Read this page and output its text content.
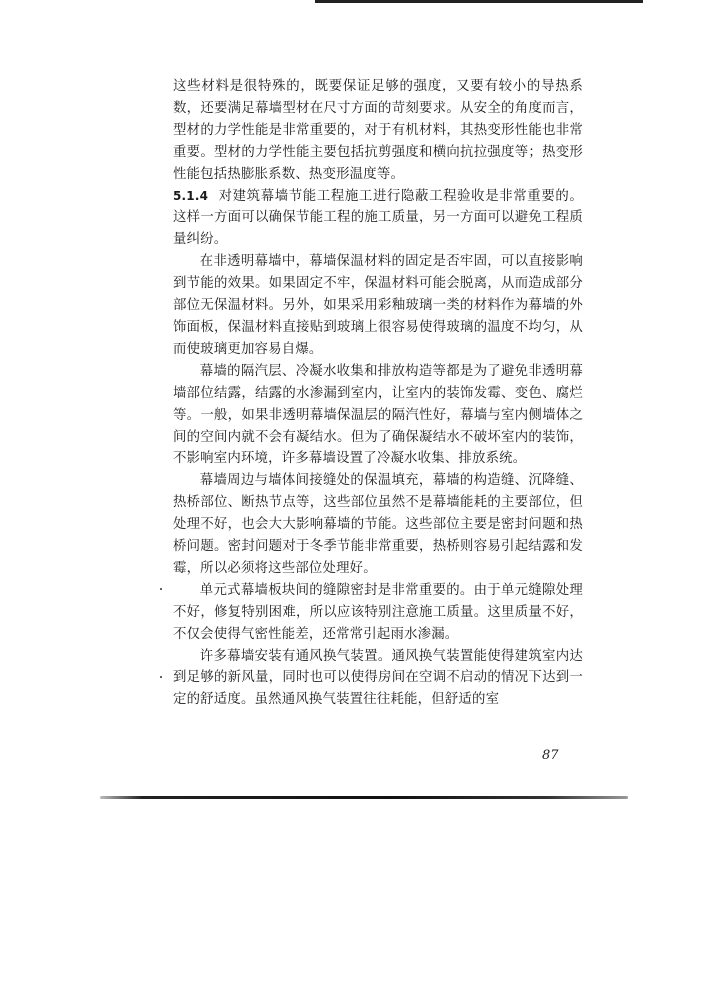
这些材料是很特殊的，既要保证足够的强度，又要有较小的导热系数，还要满足幕墙型材在尺寸方面的苛刻要求。从安全的角度而言，型材的力学性能是非常重要的，对于有机材料，其热变形性能也非常重要。型材的力学性能主要包括抗剪强度和横向抗拉强度等；热变形性能包括热膨胀系数、热变形温度等。

5.1.4 对建筑幕墙节能工程施工进行隐蔽工程验收是非常重要的。这样一方面可以确保节能工程的施工质量，另一方面可以避免工程质量纠纷。

在非透明幕墙中，幕墙保温材料的固定是否牢固，可以直接影响到节能的效果。如果固定不牢，保温材料可能会脱离，从而造成部分部位无保温材料。另外，如果采用彩釉玻璃一类的材料作为幕墙的外饰面板，保温材料直接贴到玻璃上很容易使得玻璃的温度不均匀，从而使玻璃更加容易自爆。

幕墙的隔汽层、冷凝水收集和排放构造等都是为了避免非透明幕墙部位结露，结露的水渗漏到室内，让室内的装饰发霉、变色、腐烂等。一般，如果非透明幕墙保温层的隔汽性好，幕墙与室内侧墙体之间的空间内就不会有凝结水。但为了确保凝结水不破坏室内的装饰，不影响室内环境，许多幕墙设置了冷凝水收集、排放系统。

幕墙周边与墙体间接缝处的保温填充，幕墙的构造缝、沉降缝、热桥部位、断热节点等，这些部位虽然不是幕墙能耗的主要部位，但处理不好，也会大大影响幕墙的节能。这些部位主要是密封问题和热桥问题。密封问题对于冬季节能非常重要，热桥则容易引起结露和发霉，所以必须将这些部位处理好。

单元式幕墙板块间的缝隙密封是非常重要的。由于单元缝隙处理不好，修复特别困难，所以应该特别注意施工质量。这里质量不好，不仅会使得气密性能差，还常常引起雨水渗漏。

许多幕墙安装有通风换气装置。通风换气装置能使得建筑室内达到足够的新风量，同时也可以使得房间在空调不启动的情况下达到一定的舒适度。虽然通风换气装置往往耗能，但舒适的室

87
